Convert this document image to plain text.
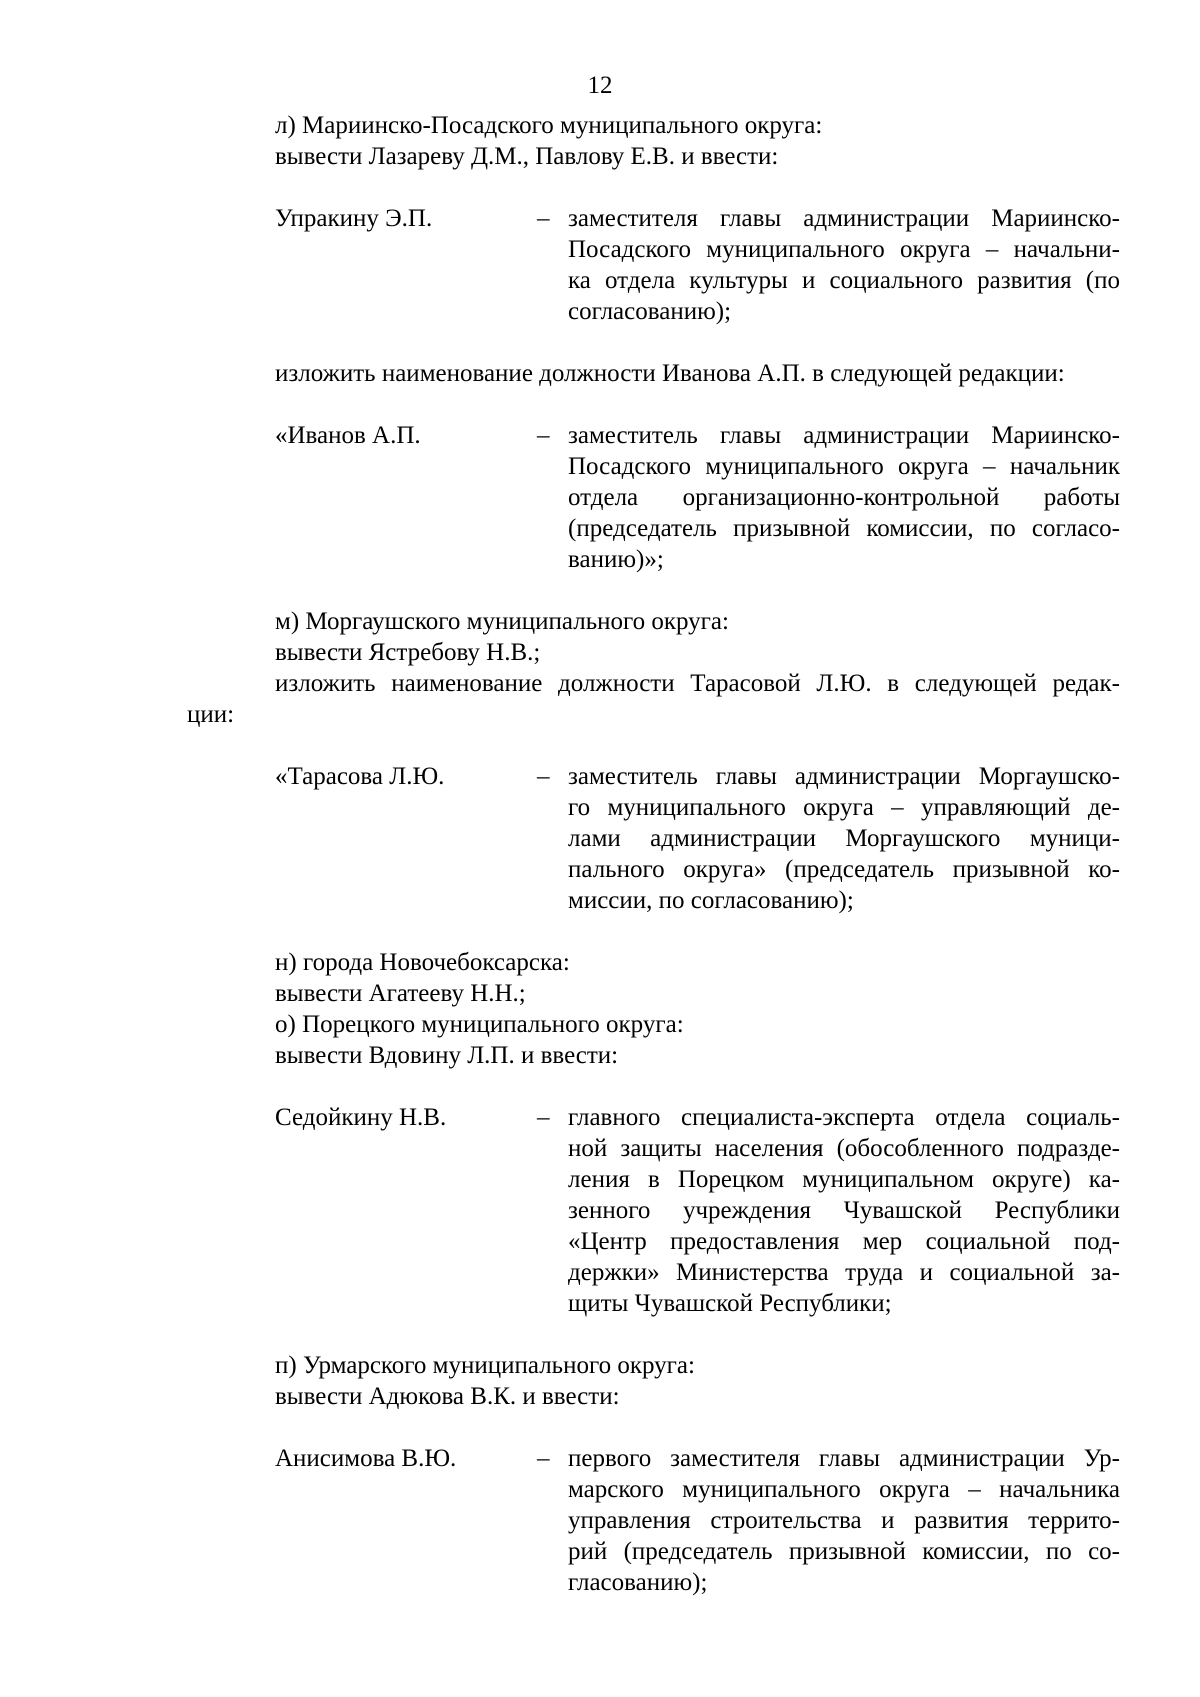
12

л) Мариинско-Посадского муниципального округа:

вывести Лазареву Д.М., Павлову Е.В. и ввести:

Упракину Э.П.	– заместителя главы администрации Мариинско-
Посадского муниципального округа – начальни-
ка отдела культуры и социального развития (по
согласованию);

изложить наименование должности Иванова А.П. в следующей редакции:

«Иванов А.П.	– заместитель главы администрации Мариинско-
Посадского муниципального округа – начальник
отдела организационно-контрольной работы
(председатель призывной комиссии, по согласо-
ванию)»;

м) Моргаушского муниципального округа:

вывести Ястребову Н.В.;

изложить наименование должности Тарасовой Л.Ю. в следующей редак-

ции:

«Тарасова Л.Ю.	– заместитель главы администрации Моргаушско-
го муниципального округа – управляющий де-
лами администрации Моргаушского муници-
пального округа» (председатель призывной ко-
миссии, по согласованию);

н) города Новочебоксарска:

вывести Агатееву Н.Н.;

о) Порецкого муниципального округа:

вывести Вдовину Л.П. и ввести:

Седойкину Н.В.	– главного специалиста-эксперта отдела социаль-
ной защиты населения (обособленного подразде-
ления в Порецком муниципальном округе) ка-
зенного учреждения Чувашской Республики
«Центр предоставления мер социальной под-
держки» Министерства труда и социальной за-
щиты Чувашской Республики;

п) Урмарского муниципального округа:

вывести Адюкова В.К. и ввести:

Анисимова В.Ю.	– первого заместителя главы администрации Ур-
марского муниципального округа – начальника
управления строительства и развития террито-
рий (председатель призывной комиссии, по со-
гласованию);
